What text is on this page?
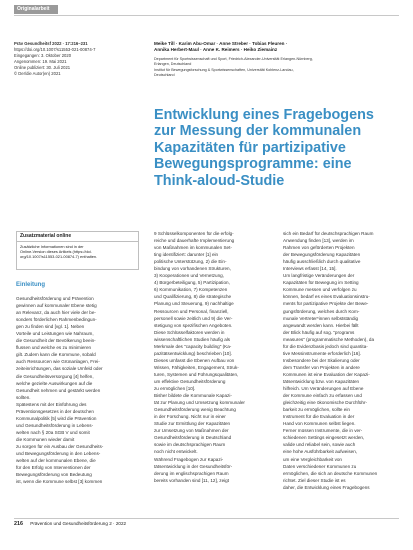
Originalarbeit
Präv Gesundheitsf 2022 · 17:216–231
https://doi.org/10.1007/s11553-021-00874-7
Eingegangen: 3. Oktober 2020
Angenommen: 19. Mai 2021
Online publiziert: 30. Juli 2021
© Der/die Autor(en) 2021
Meike Till · Karim Abu-Omar · Anne Streber · Tobias Fleuren ·
Annika Herbert-Maul · Anne K. Reimers · Heiko Ziemainz
Department für Sportwissenschaft und Sport, Friedrich-Alexander-Universität Erlangen-Nürnberg,
Erlangen, Deutschland
Institut für Bewegungsforschung & Sportwissenschaften, Universität Koblenz-Landau,
Deutschland
Entwicklung eines Fragebogens
zur Messung der kommunalen
Kapazitäten für partizipative
Bewegungsprogramme: eine
Think-aloud-Studie
Zusatzmaterial online
Zusätzliche Informationen sind in der
Online-Version dieses Artikels (https://doi.
org/10.1007/s11553-021-00874-7) enthalten.
Einleitung
Gesundheitsförderung und Prävention
gewinnen auf kommunaler Ebene stetig
an Relevanz, da auch hier viele der be-
sonders förderlichen Rahmenbedingun-
gen zu finden sind [vgl. 1]. Neben
Vorteile und Leistungen wie Nahraum,
die Gesundheit der Bevölkerung beein-
flussen und welche es zu minimieren
gilt. Zudem kann die Kommune, sobald
auch Ressourcen wie Grünanlagen, Frei-
zeiteinrichtungen, das soziale Umfeld oder
die Gesundheitsversorgung [4] helfen,
welche gezielte Auswirkungen auf die
Gesundheit nehmen und gestärkt werden
sollten.
Spätestens mit der Einführung des
Präventionsgesetzes in der deutschen
Kommunalpolitik [5] wird die Prävention
und Gesundheitsförderung in Lebens-
welten nach § 20a SGB V und somit
die Kommunen wieder damit
zu sorgen für ein Ausbau der Gesundheits-
und Bewegungsförderung in den Lebens-
welten auf der kommunalen Ebene, die
für den Erfolg von Interventionen der
Bewegungsförderung von Bedeutung
ist, wenn die Kommune selbst [3] kommen
9 Schlüsselkomponenten für die erfolg-
reiche und dauerhafte Implementierung
von Maßnahmen im kommunalen Set-
ting identifiziert: darunter [1] ein
politische Unterstützung, 2) die Ein-
bindung von vorhandenen Strukturen,
3) Kooperationen und Vernetzung,
4) Bürgerbeteiligung, 5) Partizipation,
6) Kommunikation, 7) Kompetenzen
und Qualifizierung, 8) die strategische
Planung und Steuerung, 9) nachhaltige
Ressourcen und Personal, finanziell,
personell sowie zeitlich und 9) die Ver-
stetigung von spezifischen Angeboten.
Diese Schlüsselfaktoren werden in
wissenschaftlichen Studien häufig als
Merkmale des "capacity building" (Ka-
pazitätsentwicklung) beschrieben [10].
Dieses umfasst die Ebenen Aufbau von
Wissen, Fähigkeiten, Engagement, Struk-
turen, Systemen und Führungsqualitäten,
um effektive Gesundheitsförderung
zu ermöglichen [10].
Bisher bildete die Kommunale Kapazi-
tät zur Planung und Umsetzung kommunaler
Gesundheitsförderung wenig Beachtung
in der Forschung. Nicht nur in einer
Studie zur Ermittlung der Kapazitäten
zur Umsetzung von Maßnahmen der
Gesundheitsförderung in Deutschland
sowie im deutschsprachigen Raum
noch nicht entwickelt.
Während Fragebogen zur Kapazi-
tätsentwicklung in der Gesundheitsför-
derung im englischsprachigen Raum
bereits vorhanden sind [11, 12], zeigt
sich ein Bedarf für deutschsprachigen Raum
Anwendung finden [13], werden im
Rahmen von geförderten Projekten
der Bewegungsförderung Kapazitäten
häufig ausschließlich durch qualitative
Interviews erfasst [14, 15].
Um langfristige Veränderungen der
Kapazitäten für Bewegung im Setting
Kommune messen und verfolgen zu
können, bedarf es eines Evaluationsinstru-
ments für partizipative Projekte der Bewe-
gungsförderung, welches durch Kom-
munale Vertreter*innen selbstständig
angewandt werden kann. Hierbei fällt
der Blick häufig auf sog. "programs
measures" (programmatische Methoden), da
für die Evidenzbasis jedoch sind quantita-
tive Messinstrumente erforderlich [16].
Insbesondere bei der Skalierung oder
dem Transfer von Projekten in andere
Kommunen ist eine Evaluation der Kapazi-
tätsentwicklung bzw. von Kapazitäten
hilfreich. Um Veränderungen auf Ebene
der Kommune einfach zu erfassen und
gleichzeitig eine ökonomische Durchführ-
barkeit zu ermöglichen, sollte ein
Instrument für die Evaluation in der
Hand von Kommunen selbst liegen.
Ferner müssen Instrumente, die in ver-
schiedenen Settings eingesetzt werden,
valide und reliabel sein, sowie auch
eine hohe Ausführbarkeit aufweisen,
um eine Vergleichbarkeit von
Daten verschiedener Kommunen zu
ermöglichen, die sich an deutsche Kommunen
richtet. Ziel dieser Studie ist es
daher, die Entwicklung eines Fragebogens
216 Prävention und Gesundheitsförderung 2 · 2022
